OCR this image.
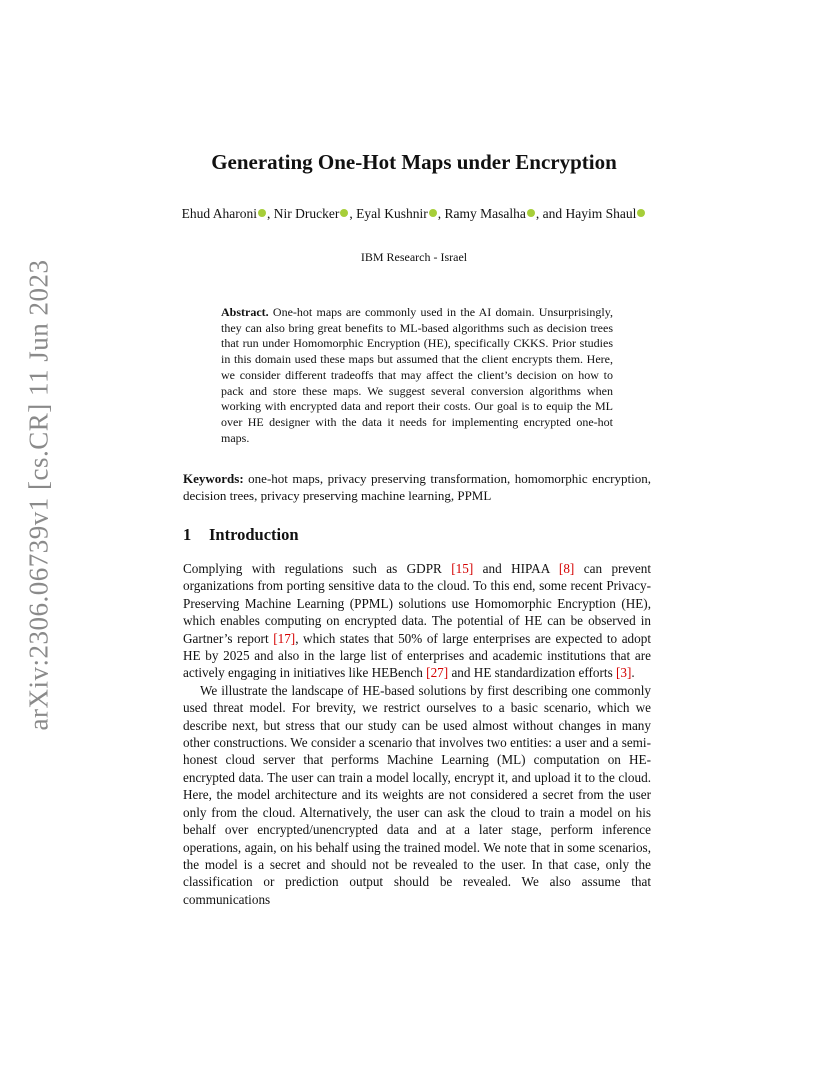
arXiv:2306.06739v1 [cs.CR] 11 Jun 2023
Generating One-Hot Maps under Encryption
Ehud Aharoni , Nir Drucker , Eyal Kushnir , Ramy Masalha , and Hayim Shaul
IBM Research - Israel

Abstract. One-hot maps are commonly used in the AI domain. Unsurprisingly, they can also bring great benefits to ML-based algorithms such as decision trees that run under Homomorphic Encryption (HE), specifically CKKS. Prior studies in this domain used these maps but assumed that the client encrypts them. Here, we consider different tradeoffs that may affect the client’s decision on how to pack and store these maps. We suggest several conversion algorithms when working with encrypted data and report their costs. Our goal is to equip the ML over HE designer with the data it needs for implementing encrypted one-hot maps.

Keywords: one-hot maps, privacy preserving transformation, homomorphic encryption, decision trees, privacy preserving machine learning, PPML

1 Introduction

Complying with regulations such as GDPR [15] and HIPAA [8] can prevent organizations from porting sensitive data to the cloud. To this end, some recent Privacy-Preserving Machine Learning (PPML) solutions use Homomorphic Encryption (HE), which enables computing on encrypted data. The potential of HE can be observed in Gartner’s report [17], which states that 50% of large enterprises are expected to adopt HE by 2025 and also in the large list of enterprises and academic institutions that are actively engaging in initiatives like HEBench [27] and HE standardization efforts [3].

We illustrate the landscape of HE-based solutions by first describing one commonly used threat model. For brevity, we restrict ourselves to a basic scenario, which we describe next, but stress that our study can be used almost without changes in many other constructions. We consider a scenario that involves two entities: a user and a semi-honest cloud server that performs Machine Learning (ML) computation on HE-encrypted data. The user can train a model locally, encrypt it, and upload it to the cloud. Here, the model architecture and its weights are not considered a secret from the user only from the cloud. Alternatively, the user can ask the cloud to train a model on his behalf over encrypted/unencrypted data and at a later stage, perform inference operations, again, on his behalf using the trained model. We note that in some scenarios, the model is a secret and should not be revealed to the user. In that case, only the classification or prediction output should be revealed. We also assume that communications
